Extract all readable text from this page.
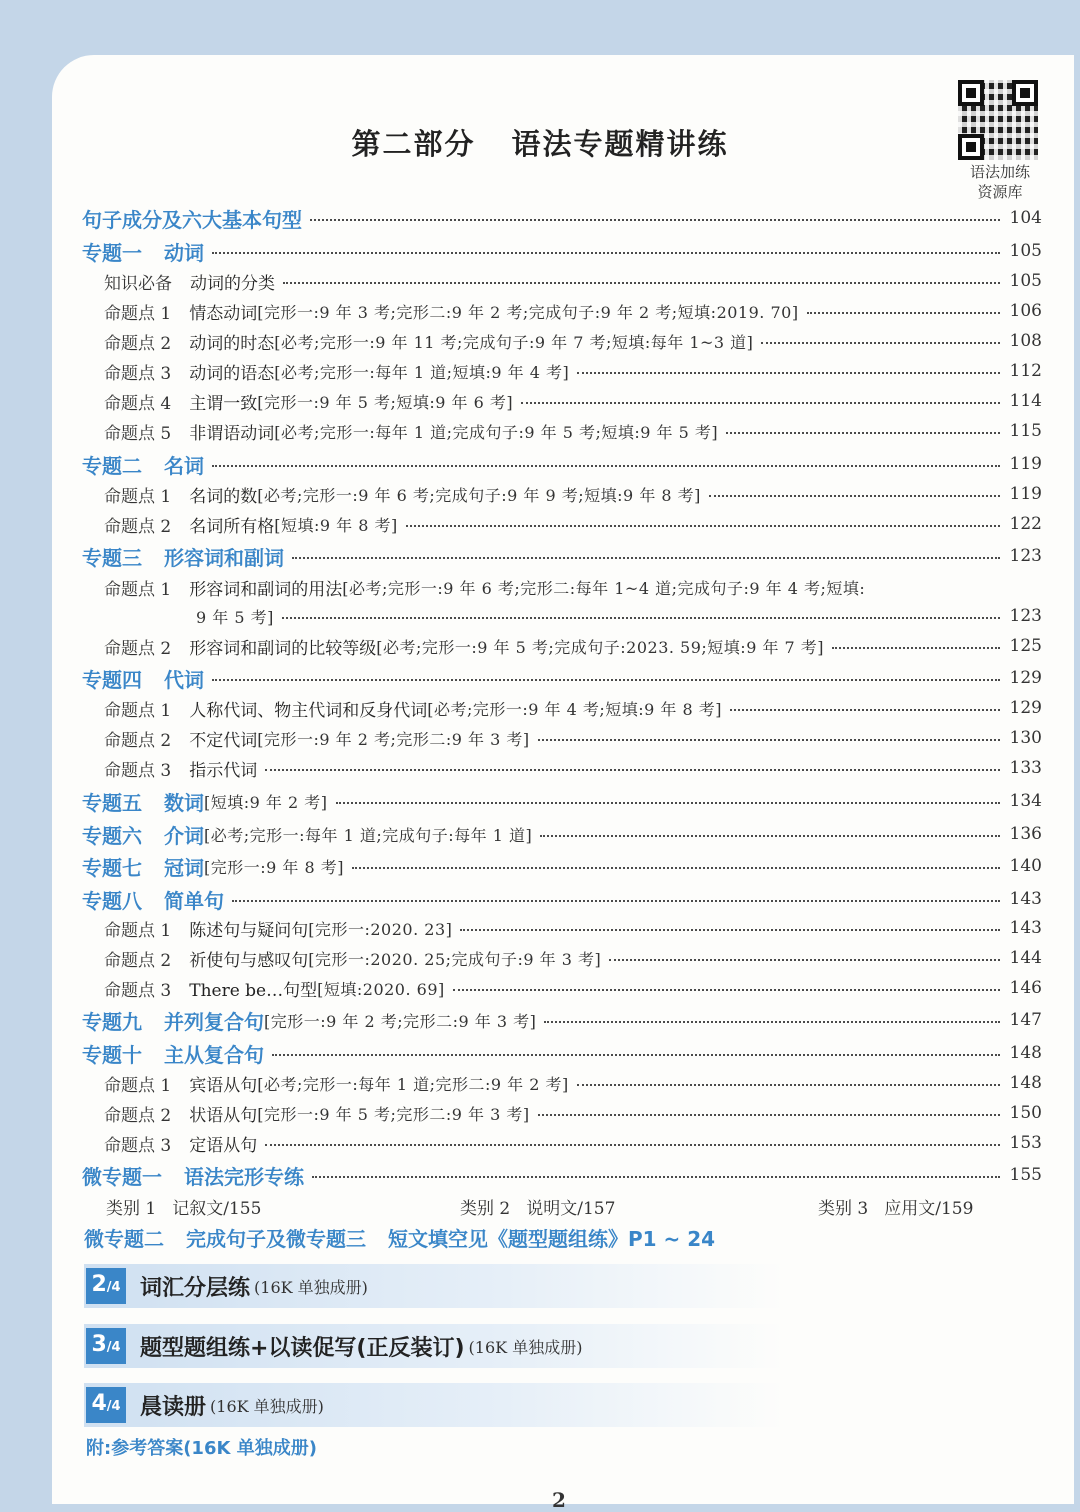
语法加练
资源库
第二部分 语法专题精讲练
句子成分及六大基本句型	104
专题一 动词	105
知识必备 动词的分类	105
命题点 1 情态动词 [完形一:9 年 3 考;完形二:9 年 2 考;完成句子:9 年 2 考;短填:2019. 70]	106
命题点 2 动词的时态 [必考;完形一:9 年 11 考;完成句子:9 年 7 考;短填:每年 1~3 道]	108
命题点 3 动词的语态 [必考;完形一:每年 1 道;短填:9 年 4 考]	112
命题点 4 主谓一致 [完形一:9 年 5 考;短填:9 年 6 考]	114
命题点 5 非谓语动词 [必考;完形一:每年 1 道;完成句子:9 年 5 考;短填:9 年 5 考]	115
专题二 名词	119
命题点 1 名词的数 [必考;完形一:9 年 6 考;完成句子:9 年 9 考;短填:9 年 8 考]	119
命题点 2 名词所有格 [短填:9 年 8 考]	122
专题三 形容词和副词	123
命题点 1 形容词和副词的用法 [必考;完形一:9 年 6 考;完形二:每年 1~4 道;完成句子:9 年 4 考;短填:
9 年 5 考]	123
命题点 2 形容词和副词的比较等级 [必考;完形一:9 年 5 考;完成句子:2023. 59;短填:9 年 7 考]	125
专题四 代词	129
命题点 1 人称代词、物主代词和反身代词 [必考;完形一:9 年 4 考;短填:9 年 8 考]	129
命题点 2 不定代词 [完形一:9 年 2 考;完形二:9 年 3 考]	130
命题点 3 指示代词	133
专题五 数词 [短填:9 年 2 考]	134
专题六 介词 [必考;完形一:每年 1 道;完成句子:每年 1 道]	136
专题七 冠词 [完形一:9 年 8 考]	140
专题八 简单句	143
命题点 1 陈述句与疑问句 [完形一:2020. 23]	143
命题点 2 祈使句与感叹句 [完形一:2020. 25;完成句子:9 年 3 考]	144
命题点 3 There be…句型 [短填:2020. 69]	146
专题九 并列复合句 [完形一:9 年 2 考;完形二:9 年 3 考]	147
专题十 主从复合句	148
命题点 1 宾语从句 [必考;完形一:每年 1 道;完形二:9 年 2 考]	148
命题点 2 状语从句 [完形一:9 年 5 考;完形二:9 年 3 考]	150
命题点 3 定语从句	153
微专题一 语法完形专练	155
类别 1 记叙文/155	类别 2 说明文/157	类别 3 应用文/159
微专题二 完成句子及微专题三 短文填空见《题型题组练》P1 ~ 24
2 /4 词汇分层练 (16K 单独成册)
3 /4 题型题组练+以读促写(正反装订) (16K 单独成册)
4 /4 晨读册 (16K 单独成册)
附:参考答案(16K 单独成册)
2
